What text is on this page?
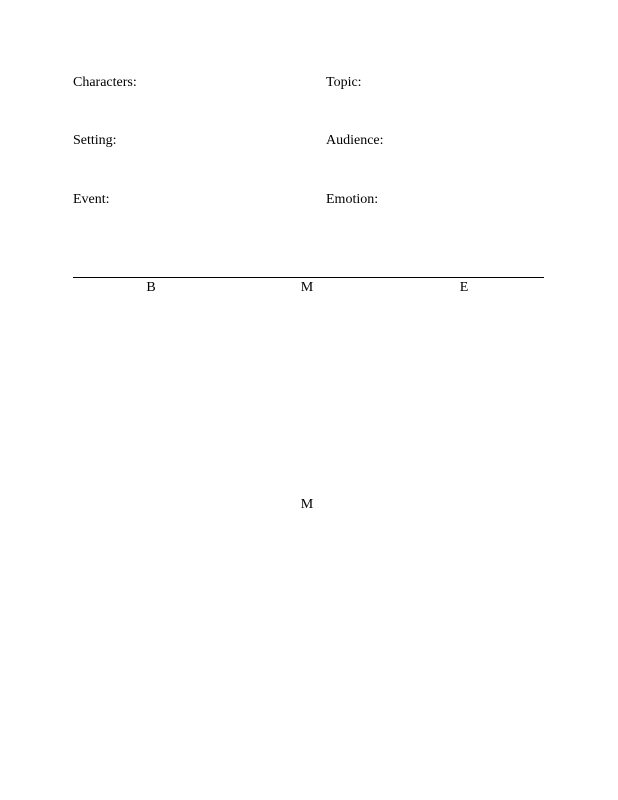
Characters:	Topic:
Setting:	Audience:
Event:	Emotion:
B	M	E
M
